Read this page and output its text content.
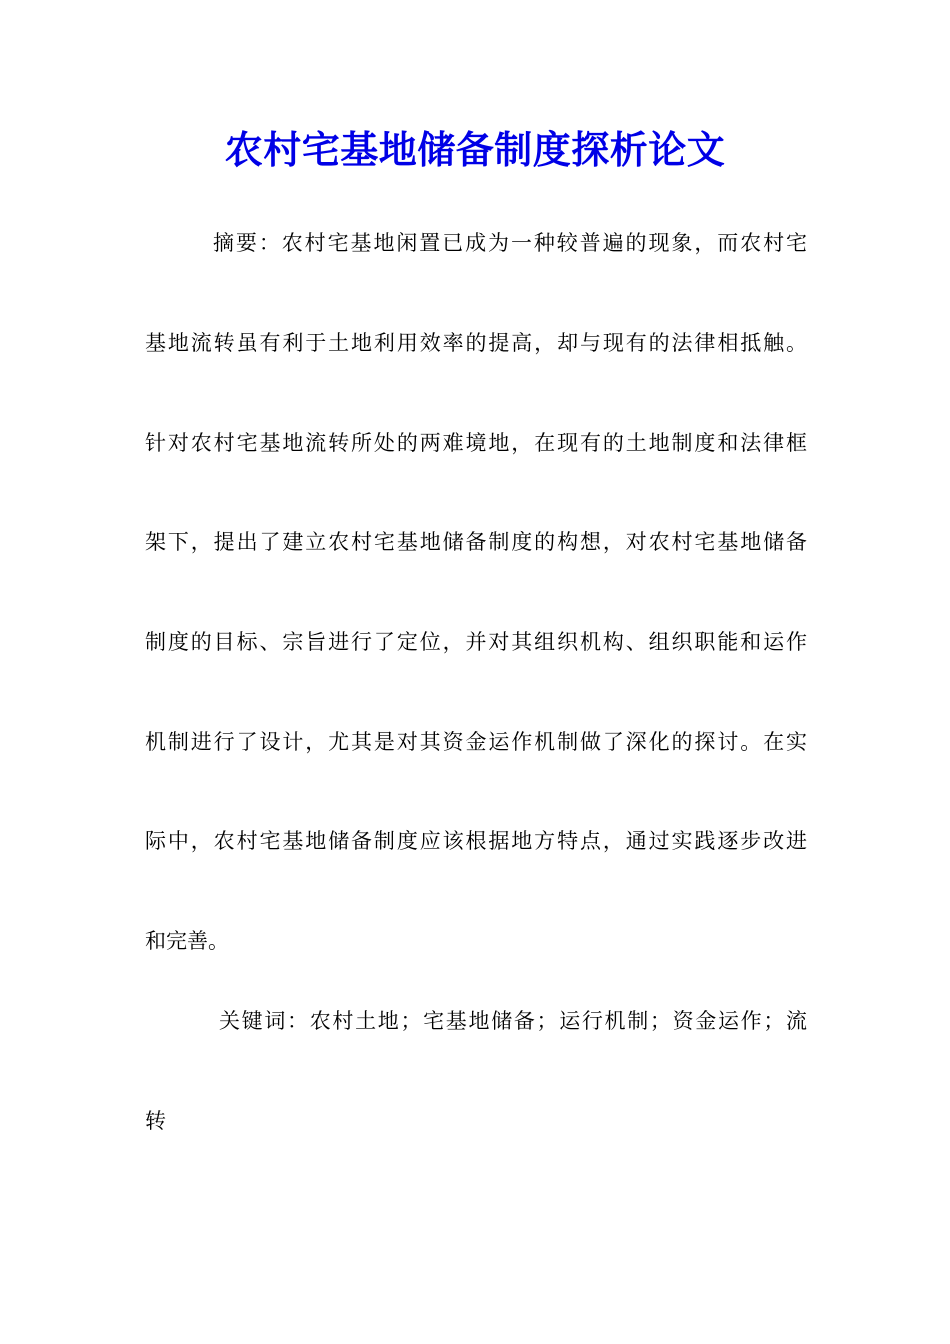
农村宅基地储备制度探析论文
摘要：农村宅基地闲置已成为一种较普遍的现象，而农村宅
基地流转虽有利于土地利用效率的提高，却与现有的法律相抵触。
针对农村宅基地流转所处的两难境地，在现有的土地制度和法律框
架下，提出了建立农村宅基地储备制度的构想，对农村宅基地储备
制度的目标、宗旨进行了定位，并对其组织机构、组织职能和运作
机制进行了设计，尤其是对其资金运作机制做了深化的探讨。在实
际中，农村宅基地储备制度应该根据地方特点，通过实践逐步改进
和完善。
关键词：农村土地；宅基地储备；运行机制；资金运作；流
转
